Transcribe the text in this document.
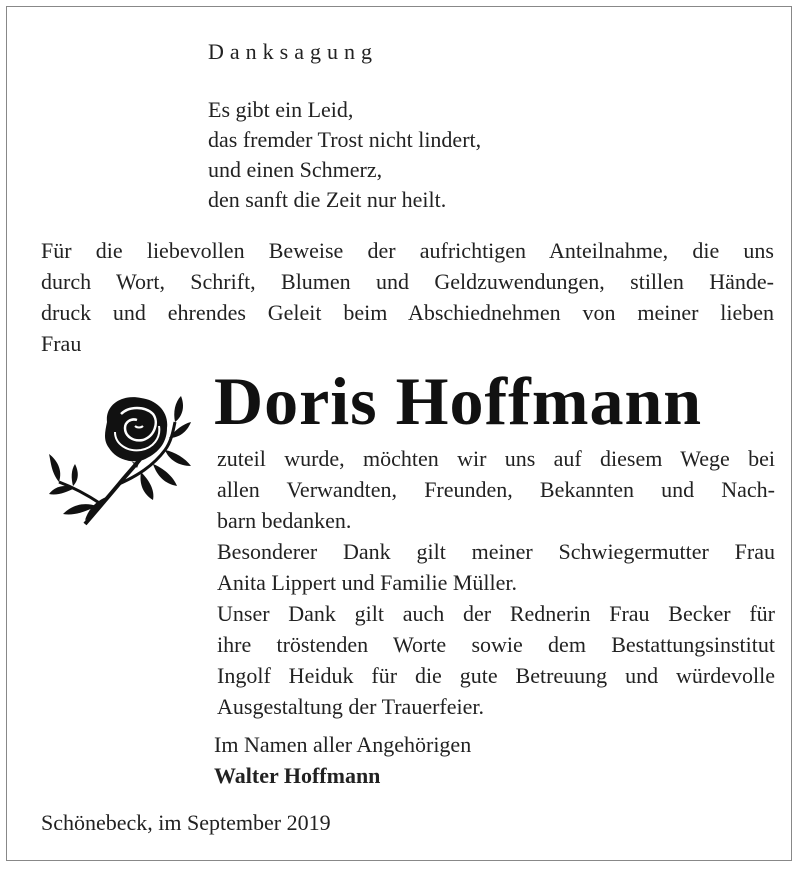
Danksagung
Es gibt ein Leid,
das fremder Trost nicht lindert,
und einen Schmerz,
den sanft die Zeit nur heilt.
Für die liebevollen Beweise der aufrichtigen Anteilnahme, die uns
durch Wort, Schrift, Blumen und Geldzuwendungen, stillen Hände-
druck und ehrendes Geleit beim Abschiednehmen von meiner lieben
Frau
Doris Hoffmann
zuteil wurde, möchten wir uns auf diesem Wege bei
allen Verwandten, Freunden, Bekannten und Nach-
barn bedanken.
Besonderer Dank gilt meiner Schwiegermutter Frau
Anita Lippert und Familie Müller.
Unser Dank gilt auch der Rednerin Frau Becker für
ihre tröstenden Worte sowie dem Bestattungsinstitut
Ingolf Heiduk für die gute Betreuung und würdevolle
Ausgestaltung der Trauerfeier.
Im Namen aller Angehörigen
Walter Hoffmann
Schönebeck, im September 2019
